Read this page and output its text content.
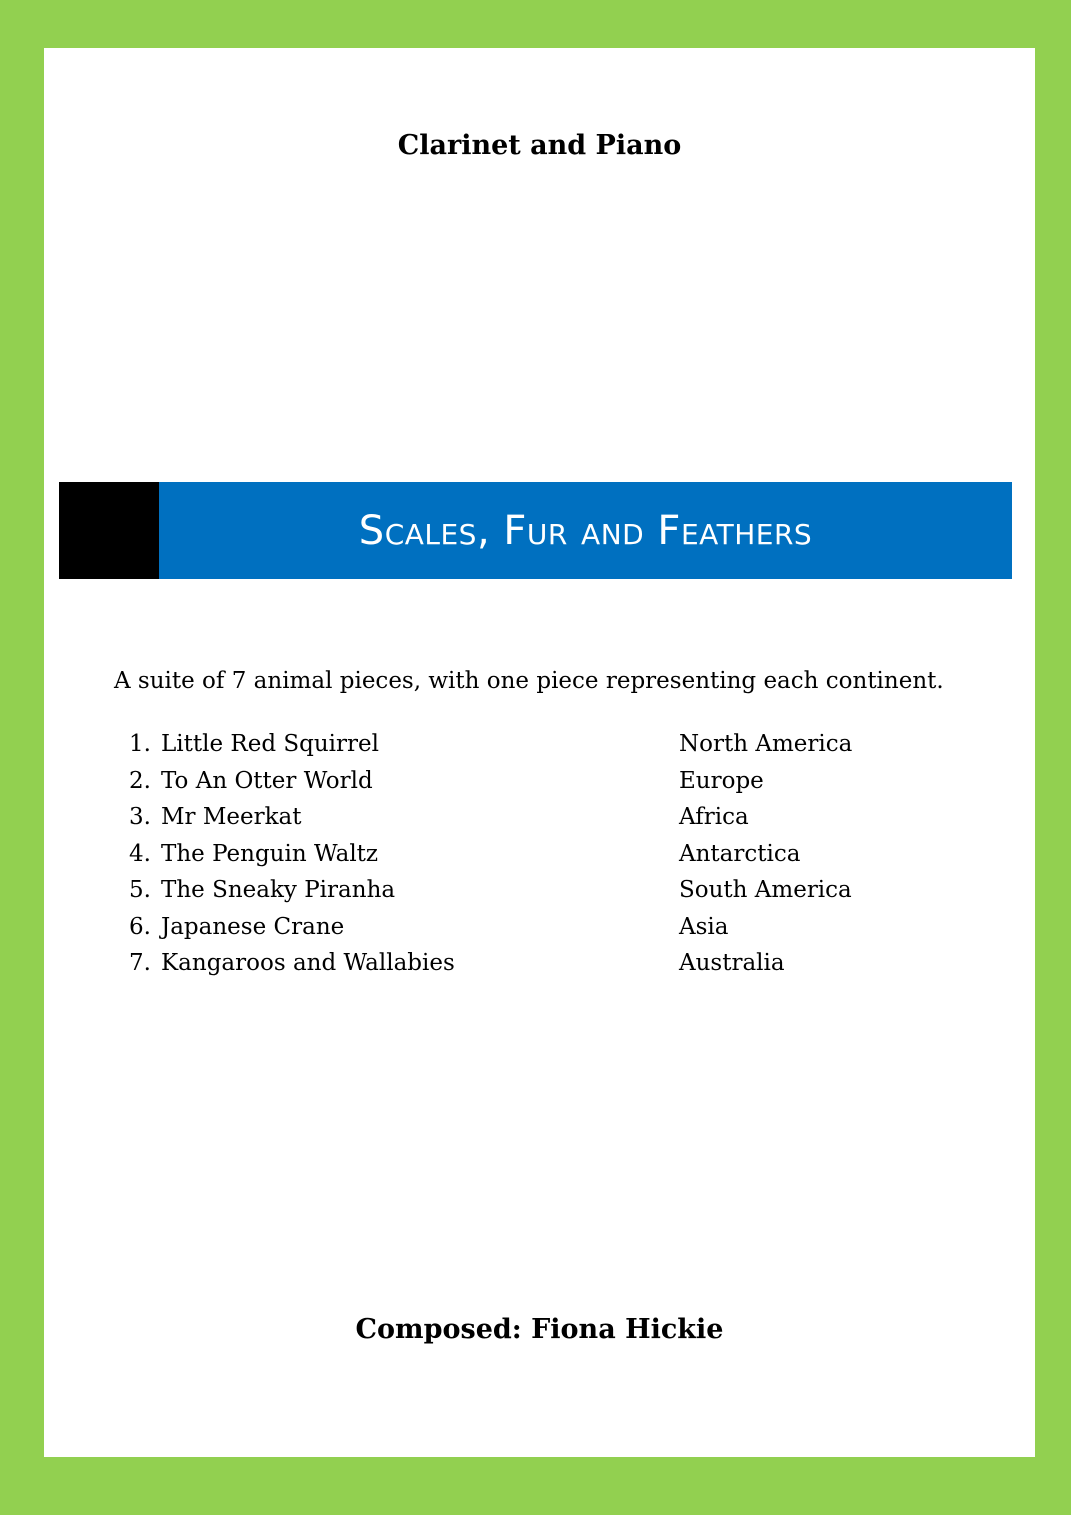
Clarinet and Piano
Scales, Fur and Feathers

A suite of 7 animal pieces, with one piece representing each continent.

1. Little Red Squirrel	North America
2. To An Otter World	Europe
3. Mr Meerkat	Africa
4. The Penguin Waltz	Antarctica
5. The Sneaky Piranha	South America
6. Japanese Crane	Asia
7. Kangaroos and Wallabies	Australia
Composed: Fiona Hickie
